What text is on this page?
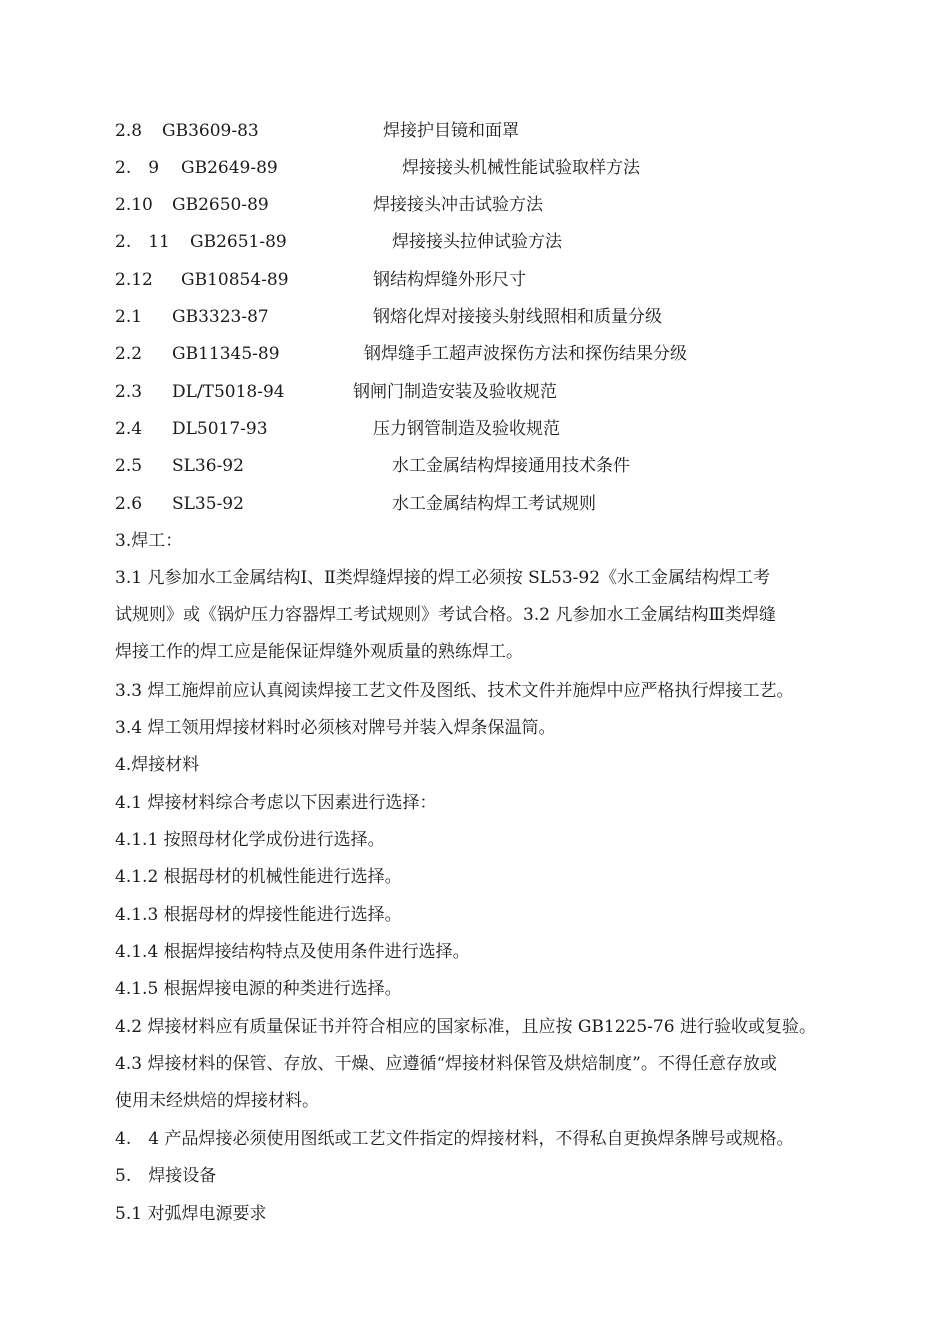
2.8 GB3609-83	焊接护目镜和面罩
2.　9 GB2649-89	焊接接头机械性能试验取样方法
2.10 GB2650-89	焊接接头冲击试验方法
2.　11 GB2651-89	焊接接头拉伸试验方法
2.12 GB10854-89	钢结构焊缝外形尺寸
2.1 GB3323-87	钢熔化焊对接接头射线照相和质量分级
2.2 GB11345-89	钢焊缝手工超声波探伤方法和探伤结果分级
2.3 DL/T5018-94	钢闸门制造安装及验收规范
2.4 DL5017-93	压力钢管制造及验收规范
2.5 SL36-92	水工金属结构焊接通用技术条件
2.6 SL35-92	水工金属结构焊工考试规则
3.焊工：
3.1 凡参加水工金属结构Ⅰ、Ⅱ类焊缝焊接的焊工必须按 SL53-92《水工金属结构焊工考
试规则》或《锅炉压力容器焊工考试规则》考试合格。3.2 凡参加水工金属结构Ⅲ类焊缝
焊接工作的焊工应是能保证焊缝外观质量的熟练焊工。
3.3 焊工施焊前应认真阅读焊接工艺文件及图纸、技术文件并施焊中应严格执行焊接工艺。
3.4 焊工领用焊接材料时必须核对牌号并装入焊条保温筒。
4.焊接材料
4.1 焊接材料综合考虑以下因素进行选择：
4.1.1 按照母材化学成份进行选择。
4.1.2 根据母材的机械性能进行选择。
4.1.3 根据母材的焊接性能进行选择。
4.1.4 根据焊接结构特点及使用条件进行选择。
4.1.5 根据焊接电源的种类进行选择。
4.2 焊接材料应有质量保证书并符合相应的国家标准，且应按 GB1225-76 进行验收或复验。
4.3 焊接材料的保管、存放、干燥、应遵循“焊接材料保管及烘焙制度”。不得任意存放或
使用未经烘焙的焊接材料。
4.　4 产品焊接必须使用图纸或工艺文件指定的焊接材料，不得私自更换焊条牌号或规格。
5.　焊接设备
5.1 对弧焊电源要求
